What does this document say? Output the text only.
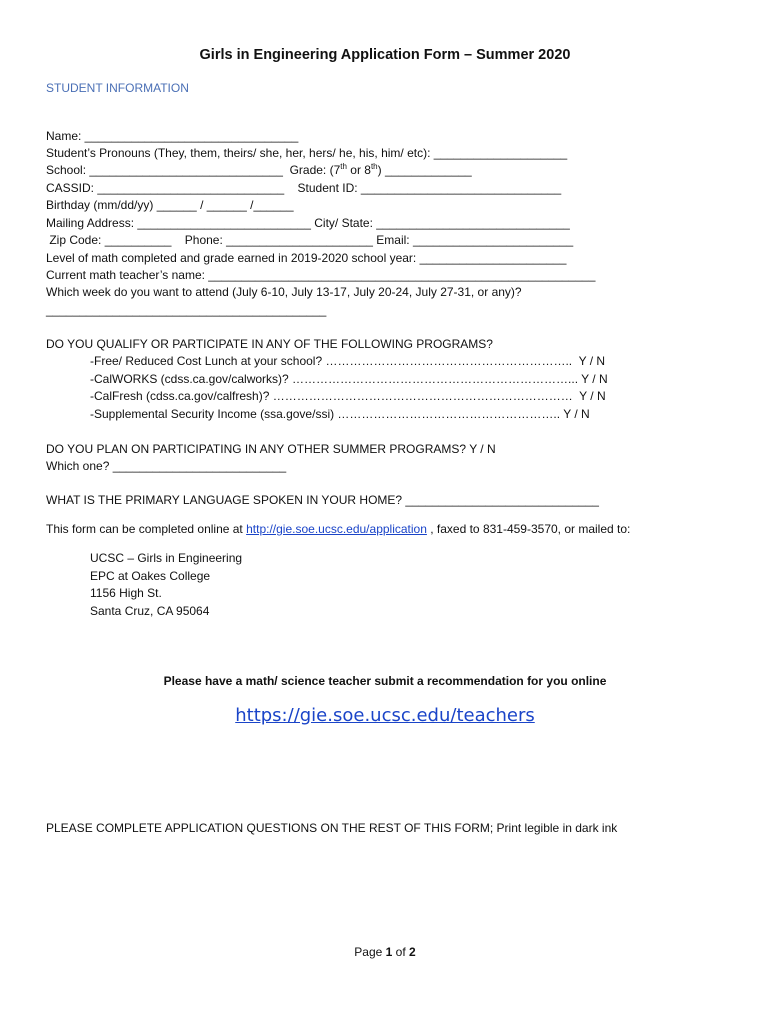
Girls in Engineering Application Form – Summer 2020
STUDENT INFORMATION
Name: ________________________________
Student’s Pronouns (They, them, theirs/ she, her, hers/ he, his, him/ etc): ____________________
School: _____________________________  Grade: (7th or 8th) _____________
CASSID: ____________________________    Student ID: ______________________________
Birthday (mm/dd/yy) ______ / ______ /______
Mailing Address: __________________________ City/ State: _____________________________
Zip Code: __________    Phone: ______________________ Email: ________________________
Level of math completed and grade earned in 2019-2020 school year: ______________________
Current math teacher’s name: __________________________________________________________
Which week do you want to attend (July 6-10, July 13-17, July 20-24, July 27-31, or any)?
__________________________________________
DO YOU QUALIFY OR PARTICIPATE IN ANY OF THE FOLLOWING PROGRAMS?
-Free/ Reduced Cost Lunch at your school? ……………………………………………………..  Y / N
-CalWORKS (cdss.ca.gov/calworks)? ……………………………………………………………... Y / N
-CalFresh (cdss.ca.gov/calfresh)? …………………………………………………………………  Y / N
-Supplemental Security Income (ssa.gove/ssi) ……………………………………………….. Y / N
DO YOU PLAN ON PARTICIPATING IN ANY OTHER SUMMER PROGRAMS? Y / N
Which one? __________________________
WHAT IS THE PRIMARY LANGUAGE SPOKEN IN YOUR HOME? _____________________________
This form can be completed online at http://gie.soe.ucsc.edu/application , faxed to 831-459-3570, or mailed to:
UCSC – Girls in Engineering
EPC at Oakes College
1156 High St.
Santa Cruz, CA 95064
Please have a math/ science teacher submit a recommendation for you online
https://gie.soe.ucsc.edu/teachers
PLEASE COMPLETE APPLICATION QUESTIONS ON THE REST OF THIS FORM; Print legible in dark ink
Page 1 of 2
